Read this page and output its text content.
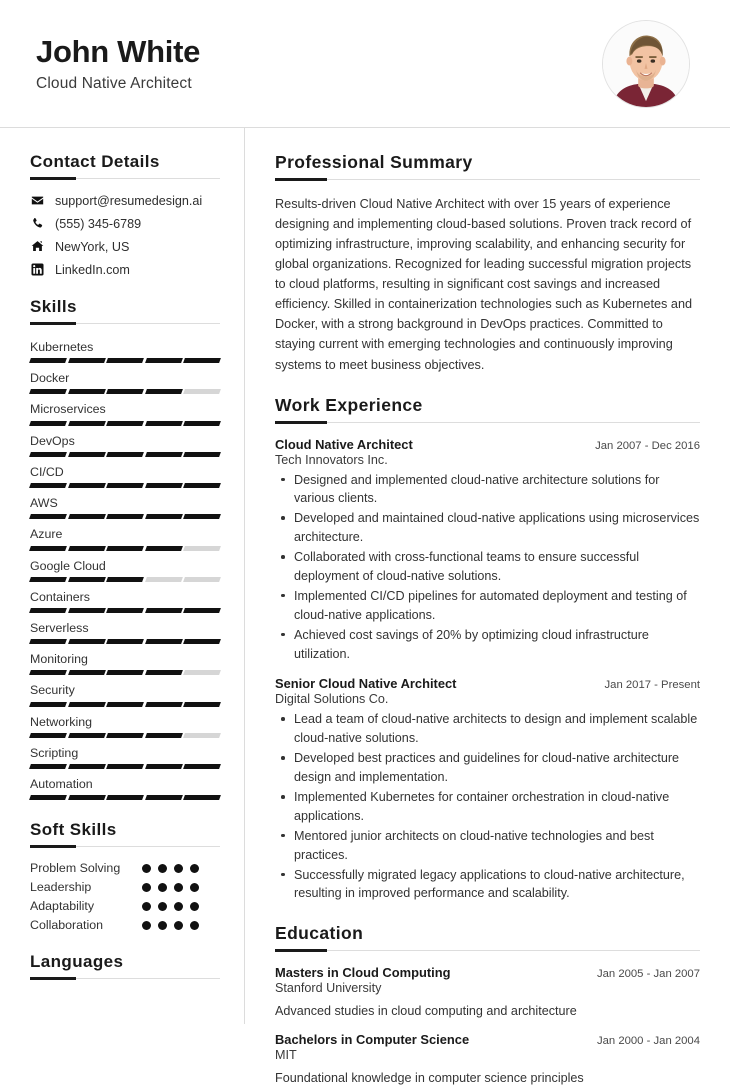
John White
Cloud Native Architect
Contact Details
support@resumedesign.ai
(555) 345-6789
NewYork, US
LinkedIn.com
Skills
Kubernetes
Docker
Microservices
DevOps
CI/CD
AWS
Azure
Google Cloud
Containers
Serverless
Monitoring
Security
Networking
Scripting
Automation
Soft Skills
Problem Solving
Leadership
Adaptability
Collaboration
Languages
Professional Summary
Results-driven Cloud Native Architect with over 15 years of experience designing and implementing cloud-based solutions. Proven track record of optimizing infrastructure, improving scalability, and enhancing security for global organizations. Recognized for leading successful migration projects to cloud platforms, resulting in significant cost savings and increased efficiency. Skilled in containerization technologies such as Kubernetes and Docker, with a strong background in DevOps practices. Committed to staying current with emerging technologies and continuously improving systems to meet business objectives.
Work Experience
Cloud Native Architect	Jan 2007 - Dec 2016
Tech Innovators Inc.
Designed and implemented cloud-native architecture solutions for various clients.
Developed and maintained cloud-native applications using microservices architecture.
Collaborated with cross-functional teams to ensure successful deployment of cloud-native solutions.
Implemented CI/CD pipelines for automated deployment and testing of cloud-native applications.
Achieved cost savings of 20% by optimizing cloud infrastructure utilization.
Senior Cloud Native Architect	Jan 2017 - Present
Digital Solutions Co.
Lead a team of cloud-native architects to design and implement scalable cloud-native solutions.
Developed best practices and guidelines for cloud-native architecture design and implementation.
Implemented Kubernetes for container orchestration in cloud-native applications.
Mentored junior architects on cloud-native technologies and best practices.
Successfully migrated legacy applications to cloud-native architecture, resulting in improved performance and scalability.
Education
Masters in Cloud Computing	Jan 2005 - Jan 2007
Stanford University
Advanced studies in cloud computing and architecture
Bachelors in Computer Science	Jan 2000 - Jan 2004
MIT
Foundational knowledge in computer science principles
